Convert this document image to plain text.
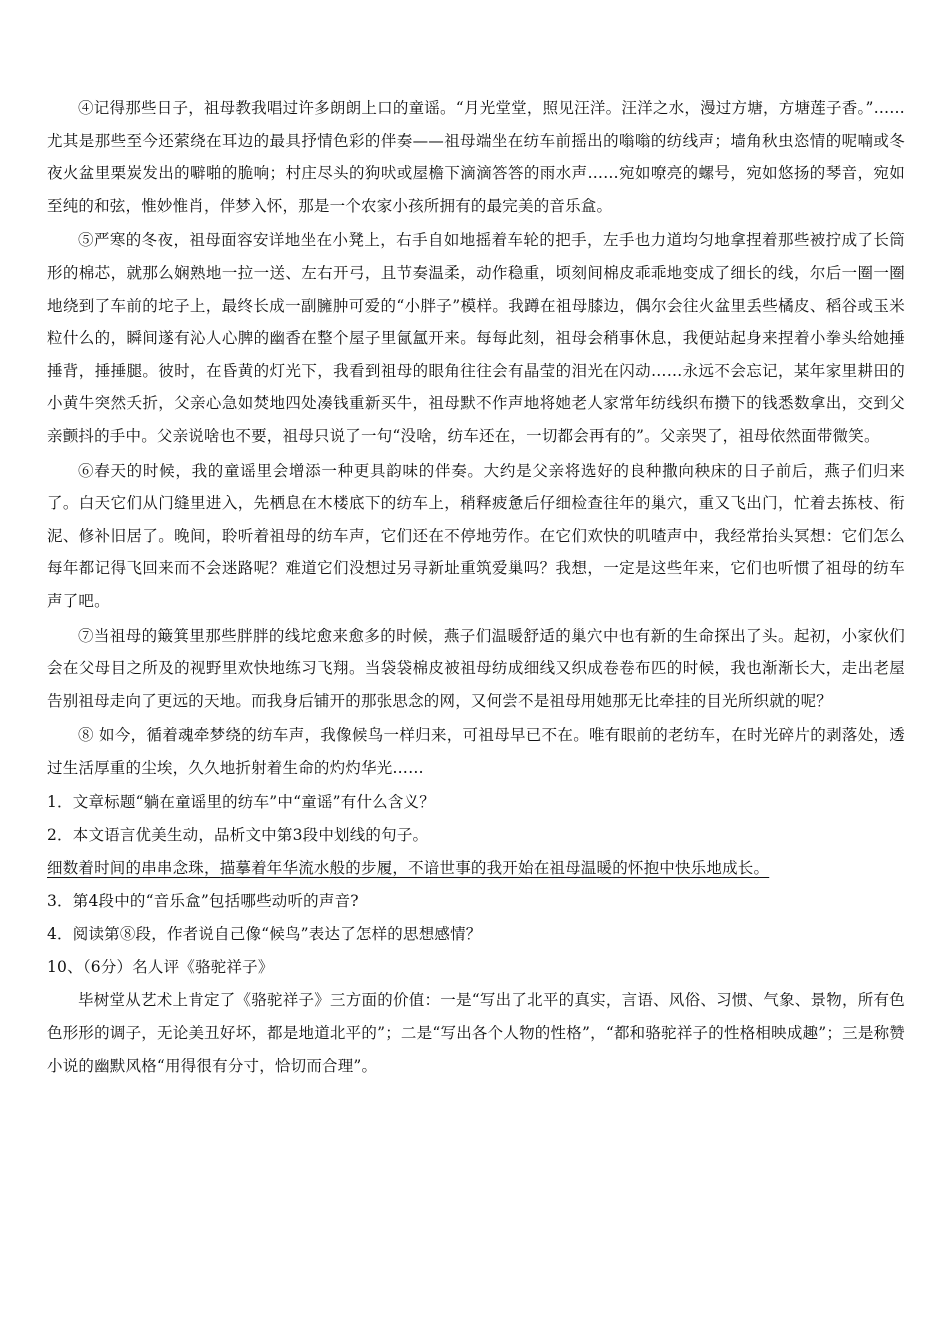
④记得那些日子，祖母教我唱过许多朗朗上口的童谣。“月光堂堂，照见汪洋。汪洋之水，漫过方塘，方塘莲子香。”……尤其是那些至今还萦绕在耳边的最具抒情色彩的伴奏——祖母端坐在纺车前摇出的嗡嗡的纺线声；墙角秋虫恣情的呢喃或冬夜火盆里栗炭发出的噼啪的脆响；村庄尽头的狗吠或屋檐下滴滴答答的雨水声……宛如嘹亮的螺号，宛如悠扬的琴音，宛如至纯的和弦，惟妙惟肖，伴梦入怀，那是一个农家小孩所拥有的最完美的音乐盒。

⑤严寒的冬夜，祖母面容安详地坐在小凳上，右手自如地摇着车轮的把手，左手也力道均匀地拿捏着那些被拧成了长筒形的棉芯，就那么娴熟地一拉一送、左右开弓，且节奏温柔，动作稳重，顷刻间棉皮乖乖地变成了细长的线，尔后一圈一圈地绕到了车前的坨子上，最终长成一副臃肿可爱的“小胖子”模样。我蹲在祖母膝边，偶尔会往火盆里丢些橘皮、稻谷或玉米粒什么的，瞬间遂有沁人心脾的幽香在整个屋子里氤氲开来。每每此刻，祖母会稍事休息，我便站起身来捏着小拳头给她捶捶背，捶捶腿。彼时，在昏黄的灯光下，我看到祖母的眼角往往会有晶莹的泪光在闪动……永远不会忘记，某年家里耕田的小黄牛突然夭折，父亲心急如焚地四处凑钱重新买牛，祖母默不作声地将她老人家常年纺线织布攒下的钱悉数拿出，交到父亲颤抖的手中。父亲说啥也不要，祖母只说了一句“没啥，纺车还在，一切都会再有的”。父亲哭了，祖母依然面带微笑。

⑥春天的时候，我的童谣里会增添一种更具韵味的伴奏。大约是父亲将选好的良种撒向秧床的日子前后，燕子们归来了。白天它们从门缝里进入，先栖息在木楼底下的纺车上，稍释疲惫后仔细检查往年的巢穴，重又飞出门，忙着去拣枝、衔泥、修补旧居了。晚间，聆听着祖母的纺车声，它们还在不停地劳作。在它们欢快的叽喳声中，我经常抬头冥想：它们怎么每年都记得飞回来而不会迷路呢？难道它们没想过另寻新址重筑爱巢吗？我想，一定是这些年来，它们也听惯了祖母的纺车声了吧。

⑦当祖母的簸箕里那些胖胖的线坨愈来愈多的时候，燕子们温暖舒适的巢穴中也有新的生命探出了头。起初，小家伙们会在父母目之所及的视野里欢快地练习飞翔。当袋袋棉皮被祖母纺成细线又织成卷卷布匹的时候，我也渐渐长大，走出老屋告别祖母走向了更远的天地。而我身后铺开的那张思念的网，又何尝不是祖母用她那无比牵挂的目光所织就的呢？

⑧ 如今，循着魂牵梦绕的纺车声，我像候鸟一样归来，可祖母早已不在。唯有眼前的老纺车，在时光碎片的剥落处，透过生活厚重的尘埃，久久地折射着生命的灼灼华光……

1．文章标题“躺在童谣里的纺车”中“童谣”有什么含义？

2．本文语言优美生动，品析文中第3段中划线的句子。

细数着时间的串串念珠，描摹着年华流水般的步履，不谙世事的我开始在祖母温暖的怀抱中快乐地成长。

3．第4段中的“音乐盒”包括哪些动听的声音?

4．阅读第⑧段，作者说自己像“候鸟”表达了怎样的思想感情？

10、（6分）名人评《骆驼祥子》

毕树堂从艺术上肯定了《骆驼祥子》三方面的价值：一是“写出了北平的真实，言语、风俗、习惯、气象、景物，所有色色形形的调子，无论美丑好坏，都是地道北平的”；二是“写出各个人物的性格”，“都和骆驼祥子的性格相映成趣”；三是称赞小说的幽默风格“用得很有分寸，恰切而合理”。
